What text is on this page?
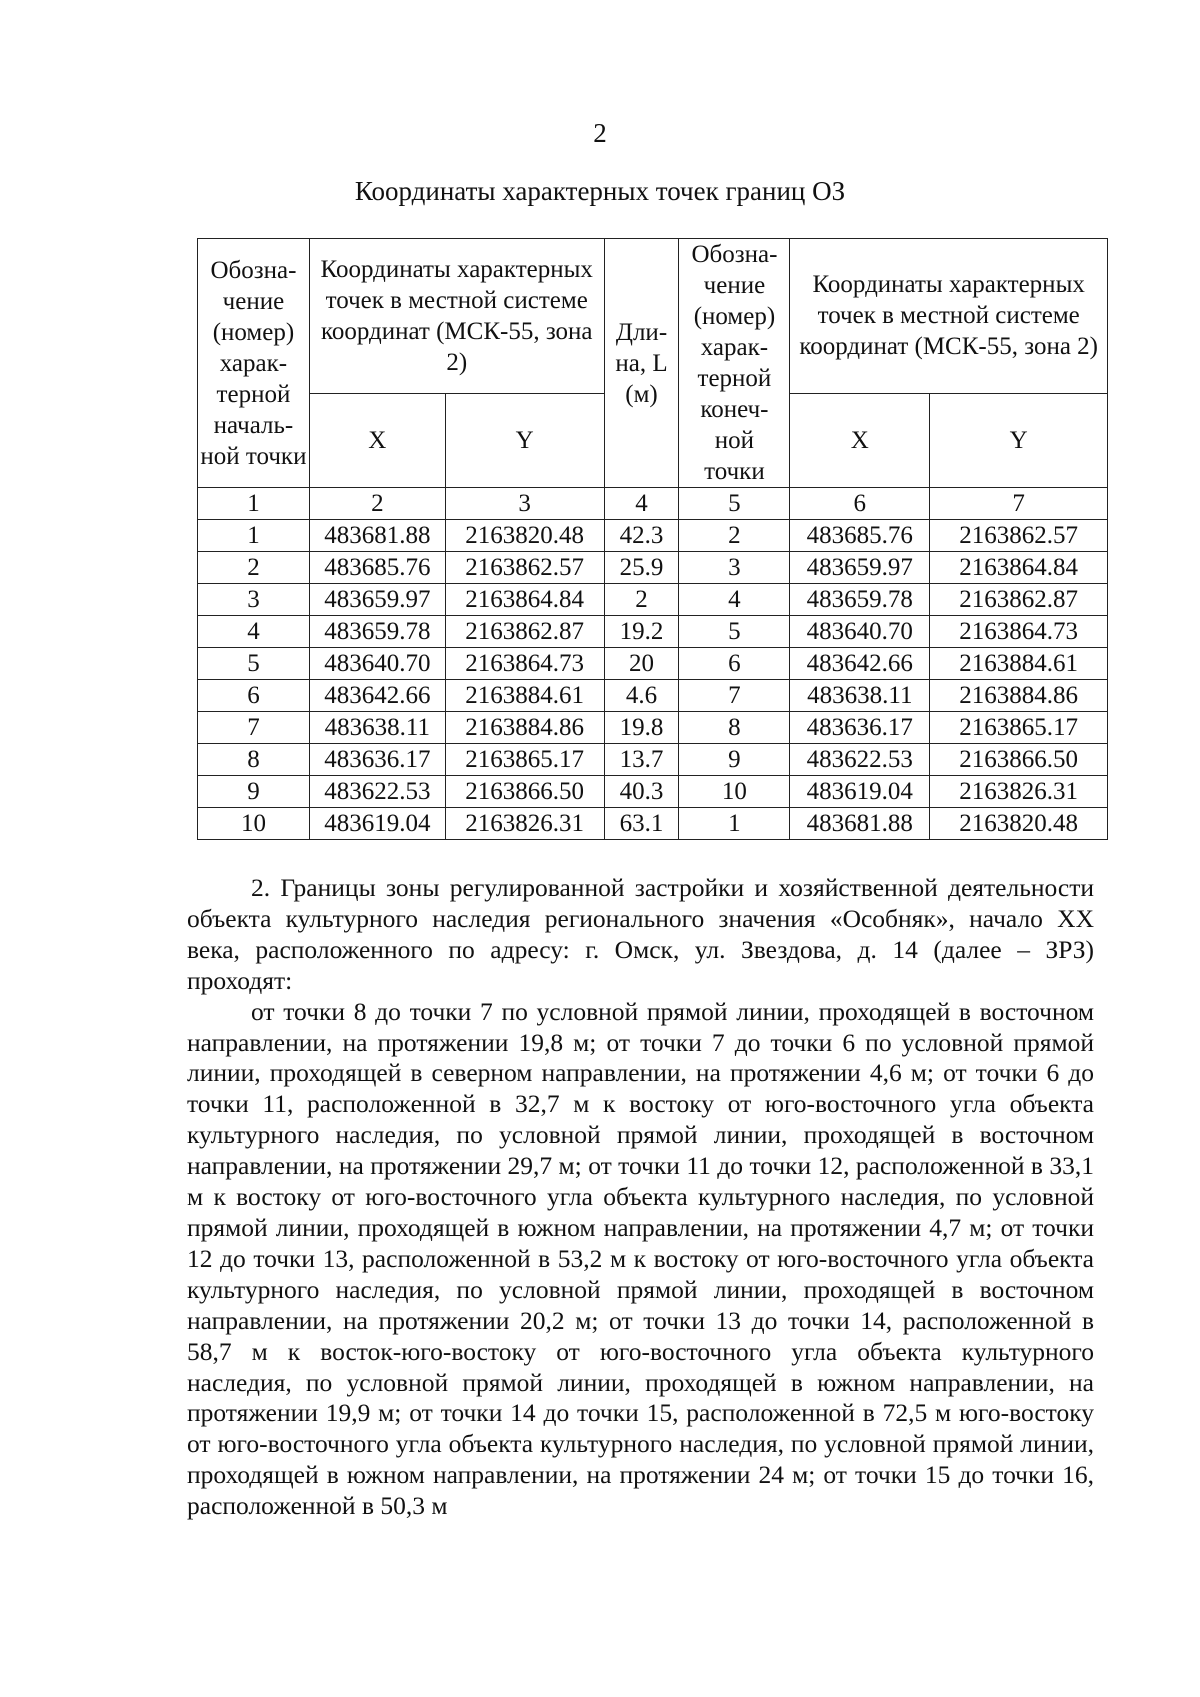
2
Координаты характерных точек границ ОЗ
Обозна-чение (номер) харак-терной началь-ной точки	Координаты характерных точек в местной системе координат (МСК-55, зона 2)		Дли-на, L (м)	Обозна-чение (номер) харак-терной конеч-ной точки	Координаты характерных точек в местной системе координат (МСК-55, зона 2)	
	X	Y			X	Y
1	2	3	4	5	6	7
1	483681.88	2163820.48	42.3	2	483685.76	2163862.57
2	483685.76	2163862.57	25.9	3	483659.97	2163864.84
3	483659.97	2163864.84	2	4	483659.78	2163862.87
4	483659.78	2163862.87	19.2	5	483640.70	2163864.73
5	483640.70	2163864.73	20	6	483642.66	2163884.61
6	483642.66	2163884.61	4.6	7	483638.11	2163884.86
7	483638.11	2163884.86	19.8	8	483636.17	2163865.17
8	483636.17	2163865.17	13.7	9	483622.53	2163866.50
9	483622.53	2163866.50	40.3	10	483619.04	2163826.31
10	483619.04	2163826.31	63.1	1	483681.88	2163820.48

2. Границы зоны регулированной застройки и хозяйственной деятельности объекта культурного наследия регионального значения «Особняк», начало XX века, расположенного по адресу: г. Омск, ул. Звездова, д. 14 (далее – ЗРЗ) проходят:

от точки 8 до точки 7 по условной прямой линии, проходящей в восточном направлении, на протяжении 19,8 м; от точки 7 до точки 6 по условной прямой линии, проходящей в северном направлении, на протяжении 4,6 м; от точки 6 до точки 11, расположенной в 32,7 м к востоку от юго-восточного угла объекта культурного наследия, по условной прямой линии, проходящей в восточном направлении, на протяжении 29,7 м; от точки 11 до точки 12, расположенной в 33,1 м к востоку от юго-восточного угла объекта культурного наследия, по условной прямой линии, проходящей в южном направлении, на протяжении 4,7 м; от точки 12 до точки 13, расположенной в 53,2 м к востоку от юго-восточного угла объекта культурного наследия, по условной прямой линии, проходящей в восточном направлении, на протяжении 20,2 м; от точки 13 до точки 14, расположенной в 58,7 м к восток-юго-востоку от юго-восточного угла объекта культурного наследия, по условной прямой линии, проходящей в южном направлении, на протяжении 19,9 м; от точки 14 до точки 15, расположенной в 72,5 м юго-востоку от юго-восточного угла объекта культурного наследия, по условной прямой линии, проходящей в южном направлении, на протяжении 24 м; от точки 15 до точки 16, расположенной в 50,3 м
